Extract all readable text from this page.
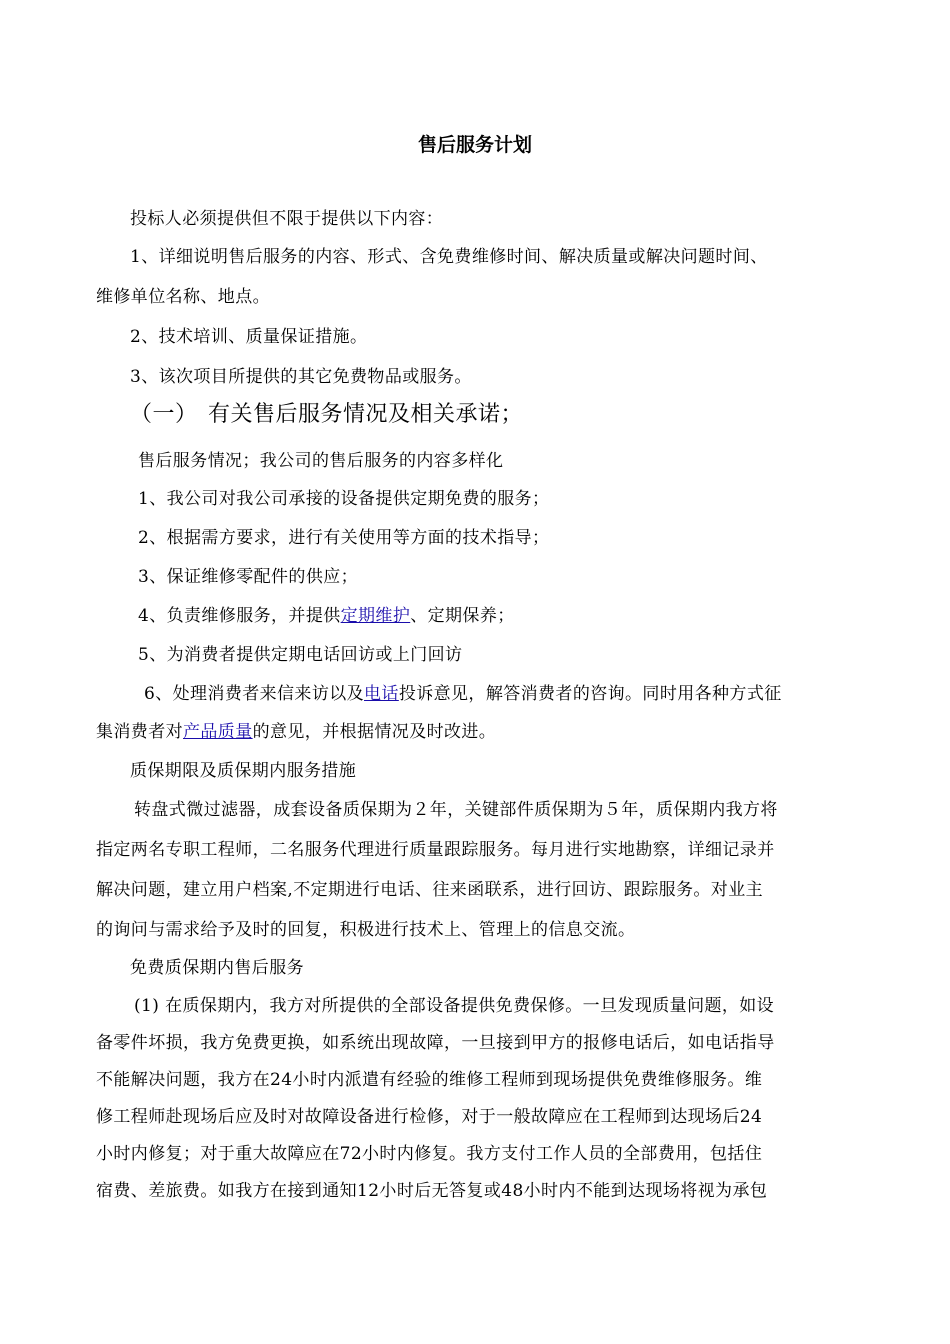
售后服务计划
投标人必须提供但不限于提供以下内容：
1、详细说明售后服务的内容、形式、含免费维修时间、解决质量或解决问题时间、
维修单位名称、地点。
2、技术培训、质量保证措施。
3、该次项目所提供的其它免费物品或服务。
（一） 有关售后服务情况及相关承诺；
售后服务情况；我公司的售后服务的内容多样化
1、我公司对我公司承接的设备提供定期免费的服务；
2、根据需方要求，进行有关使用等方面的技术指导；
3、保证维修零配件的供应；
4、负责维修服务，并提供定期维护、定期保养；
5、为消费者提供定期电话回访或上门回访
6、处理消费者来信来访以及电话投诉意见，解答消费者的咨询。同时用各种方式征
集消费者对产品质量的意见，并根据情况及时改进。
质保期限及质保期内服务措施
转盘式微过滤器，成套设备质保期为２年，关键部件质保期为５年，质保期内我方将
指定两名专职工程师，二名服务代理进行质量跟踪服务。每月进行实地勘察，详细记录并
解决问题，建立用户档案,不定期进行电话、往来函联系，进行回访、跟踪服务。对业主
的询问与需求给予及时的回复，积极进行技术上、管理上的信息交流。
免费质保期内售后服务
(1) 在质保期内，我方对所提供的全部设备提供免费保修。一旦发现质量问题，如设
备零件坏损，我方免费更换，如系统出现故障，一旦接到甲方的报修电话后，如电话指导
不能解决问题，我方在24小时内派遣有经验的维修工程师到现场提供免费维修服务。维
修工程师赴现场后应及时对故障设备进行检修，对于一般故障应在工程师到达现场后24
小时内修复；对于重大故障应在72小时内修复。我方支付工作人员的全部费用，包括住
宿费、差旅费。如我方在接到通知12小时后无答复或48小时内不能到达现场将视为承包
